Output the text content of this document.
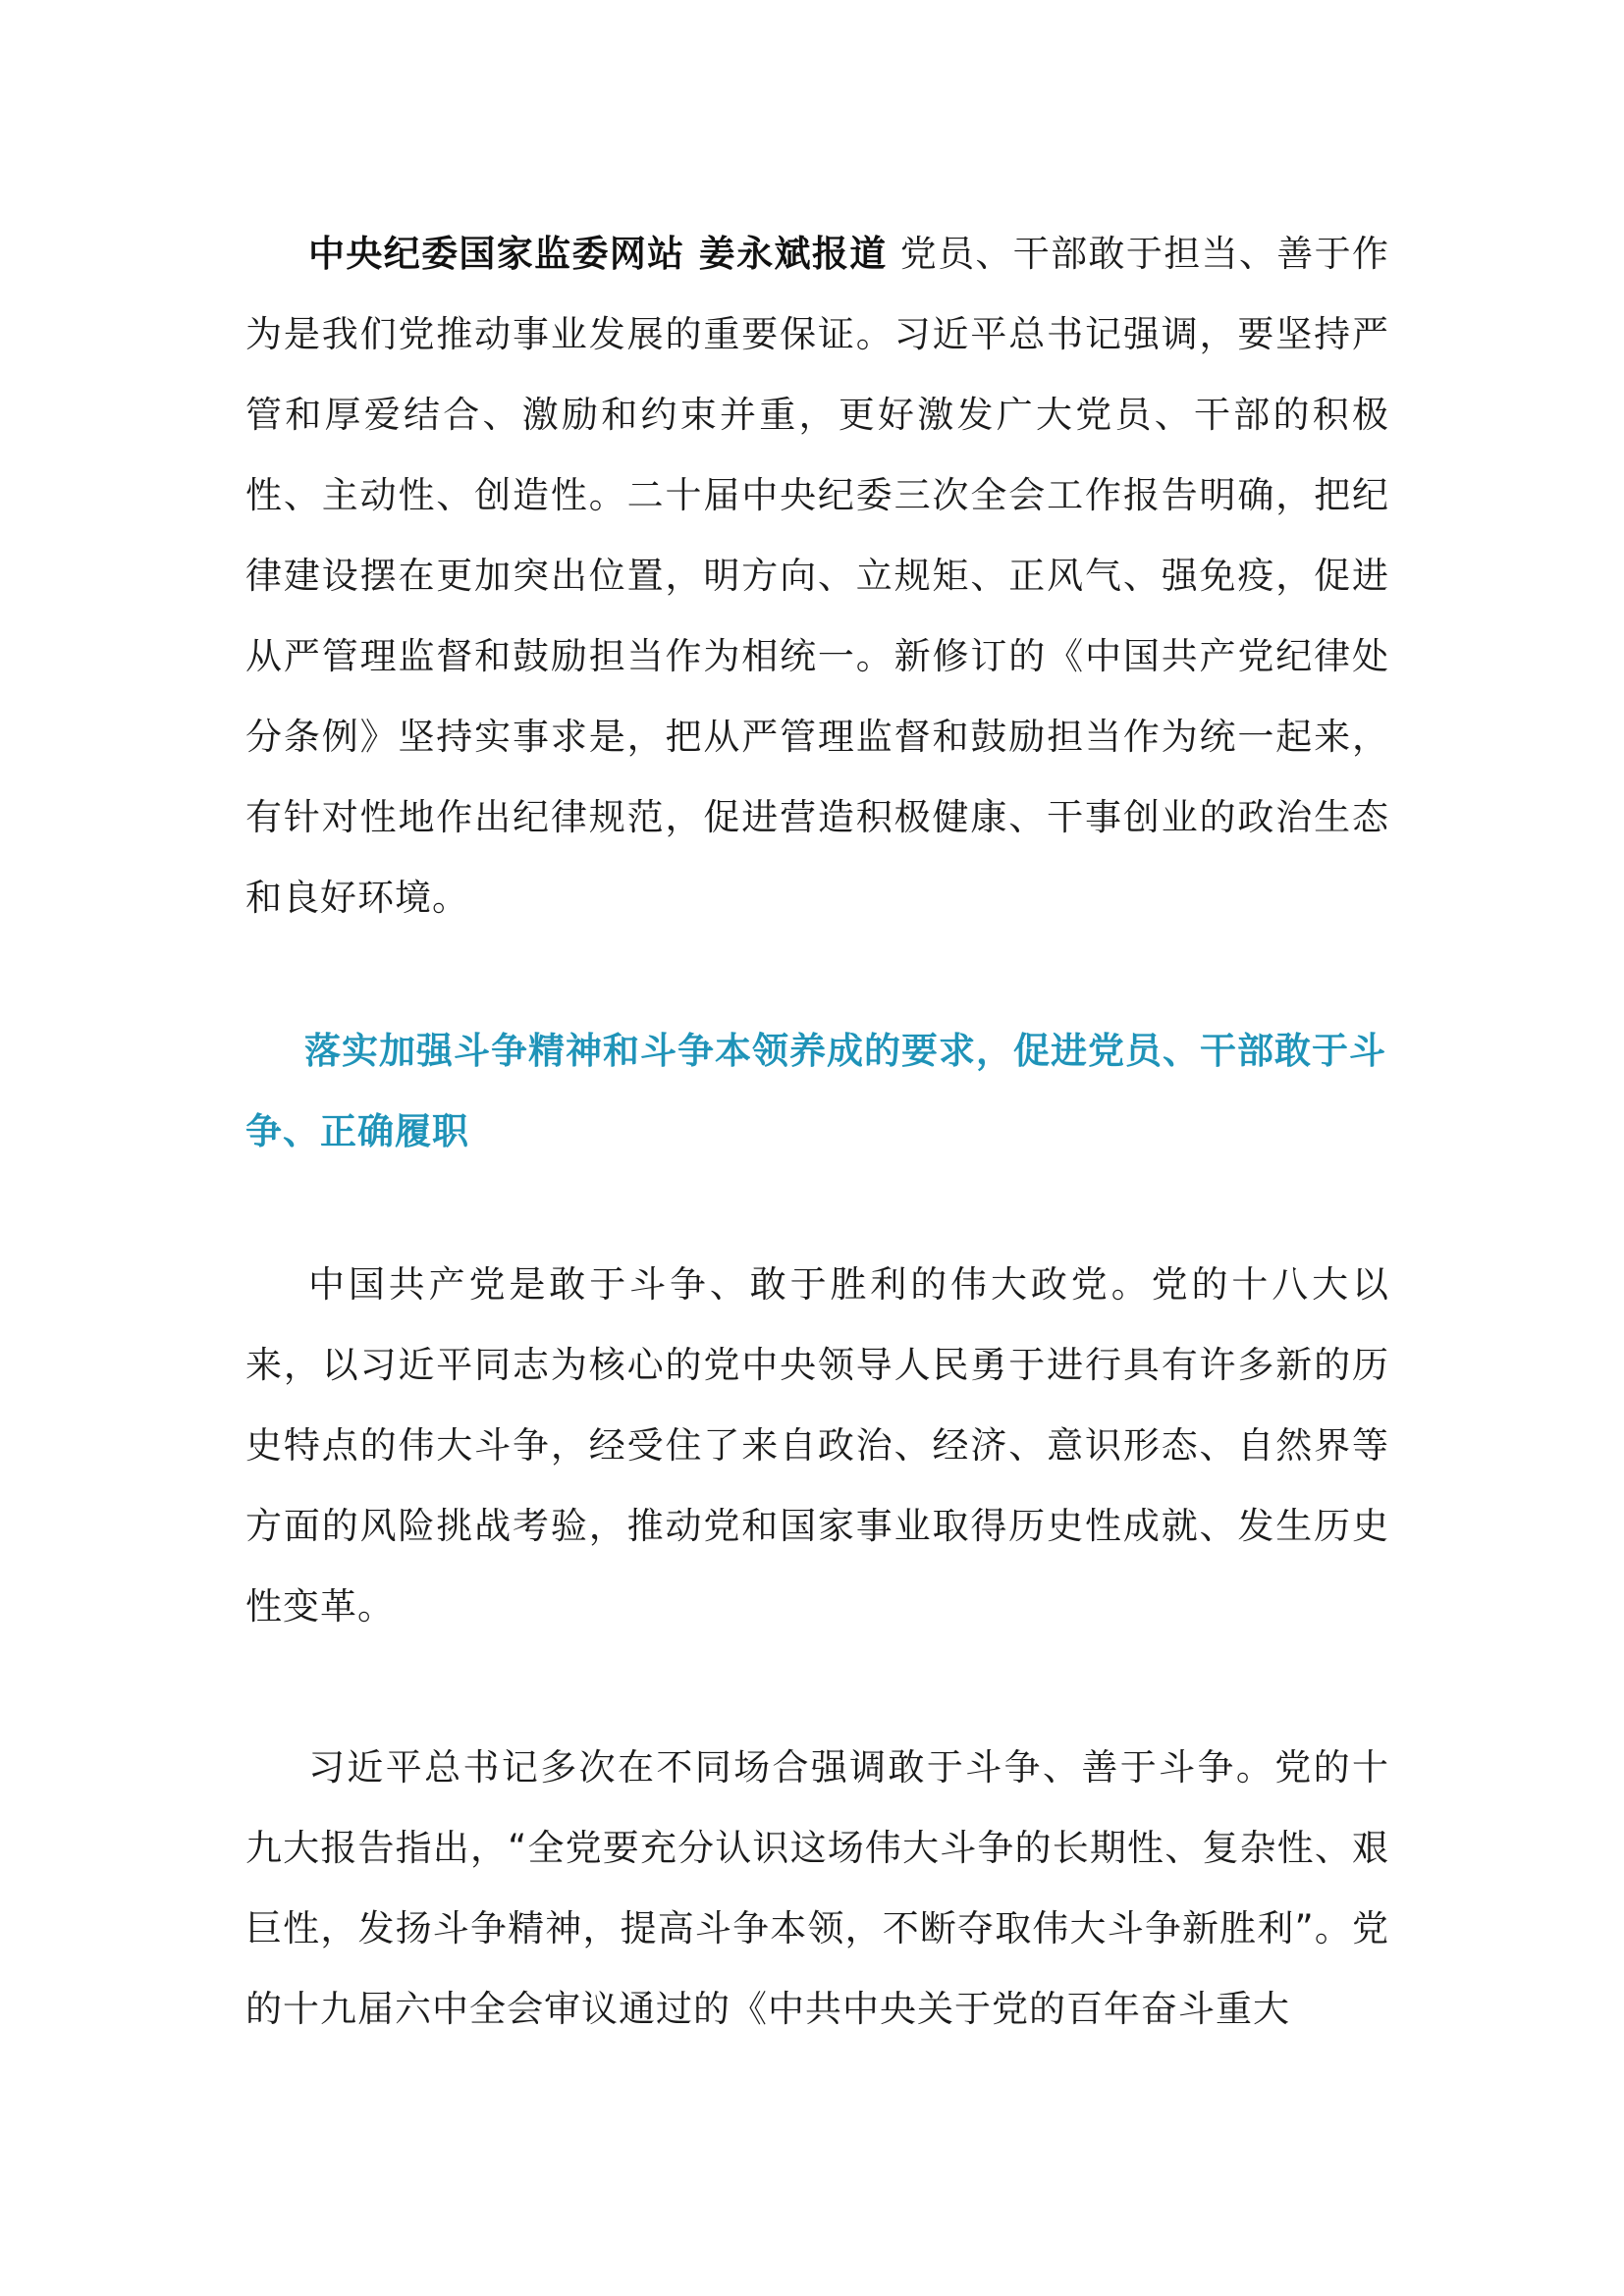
中央纪委国家监委网站 姜永斌报道 党员、干部敢于担当、善于作为是我们党推动事业发展的重要保证。习近平总书记强调，要坚持严管和厚爱结合、激励和约束并重，更好激发广大党员、干部的积极性、主动性、创造性。二十届中央纪委三次全会工作报告明确，把纪律建设摆在更加突出位置，明方向、立规矩、正风气、强免疫，促进从严管理监督和鼓励担当作为相统一。新修订的《中国共产党纪律处分条例》坚持实事求是，把从严管理监督和鼓励担当作为统一起来，有针对性地作出纪律规范，促进营造积极健康、干事创业的政治生态和良好环境。

落实加强斗争精神和斗争本领养成的要求，促进党员、干部敢于斗争、正确履职

中国共产党是敢于斗争、敢于胜利的伟大政党。党的十八大以来，以习近平同志为核心的党中央领导人民勇于进行具有许多新的历史特点的伟大斗争，经受住了来自政治、经济、意识形态、自然界等方面的风险挑战考验，推动党和国家事业取得历史性成就、发生历史性变革。

习近平总书记多次在不同场合强调敢于斗争、善于斗争。党的十九大报告指出，“全党要充分认识这场伟大斗争的长期性、复杂性、艰巨性，发扬斗争精神，提高斗争本领，不断夺取伟大斗争新胜利”。党的十九届六中全会审议通过的《中共中央关于党的百年奋斗重大
